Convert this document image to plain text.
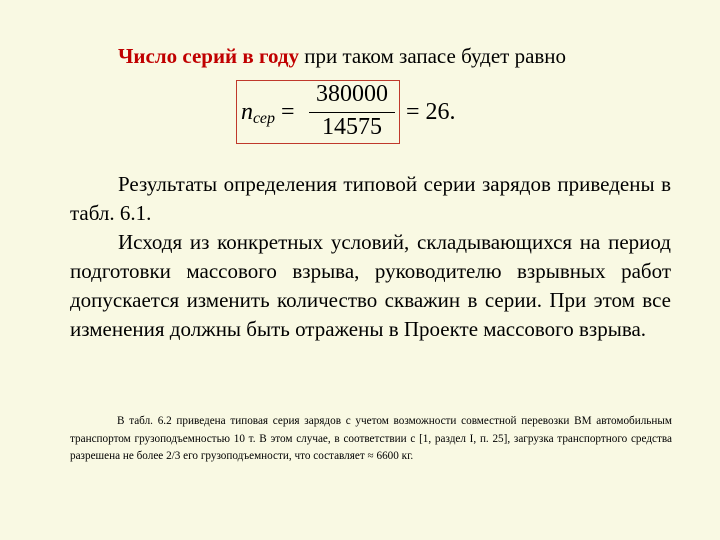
Число серий в году при таком запасе будет равно
$n_{сер}$ =
380000
14575
= 26.
Результаты определения типовой серии зарядов приведены в табл. 6.1.
Исходя из конкретных условий, складывающихся на период подготовки массового взрыва, руководителю взрывных работ допускается изменить количество скважин в серии. При этом все изменения должны быть отражены в Проекте массового взрыва.
В табл. 6.2 приведена типовая серия зарядов с учетом возможности совместной перевозки ВМ автомобильным транспортом грузоподъемностью 10 т. В этом случае, в соответствии с [1, раздел I, п. 25], загрузка транспортного средства разрешена не более 2/3 его грузоподъемности, что составляет ≈ 6600 кг.
